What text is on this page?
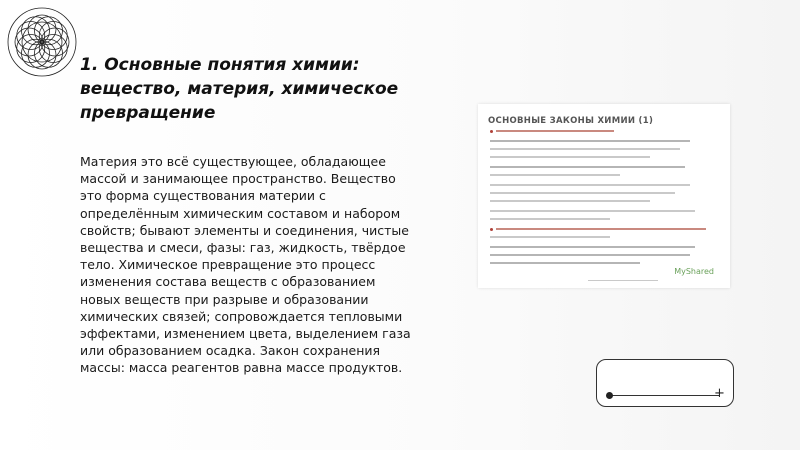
1. Основные понятия химии:
вещество, материя, химическое
превращение

Материя это всё существующее, обладающее массой и занимающее пространство. Вещество это форма существования материи с определённым химическим составом и набором свойств; бывают элементы и соединения, чистые вещества и смеси, фазы: газ, жидкость, твёрдое тело. Химическое превращение это процесс изменения состава веществ с образованием новых веществ при разрыве и образовании химических связей; сопровождается тепловыми эффектами, изменением цвета, выделением газа или образованием осадка. Закон сохранения массы: масса реагентов равна массе продуктов.

ОСНОВНЫЕ ЗАКОНЫ ХИМИИ (1)

MyShared
+
